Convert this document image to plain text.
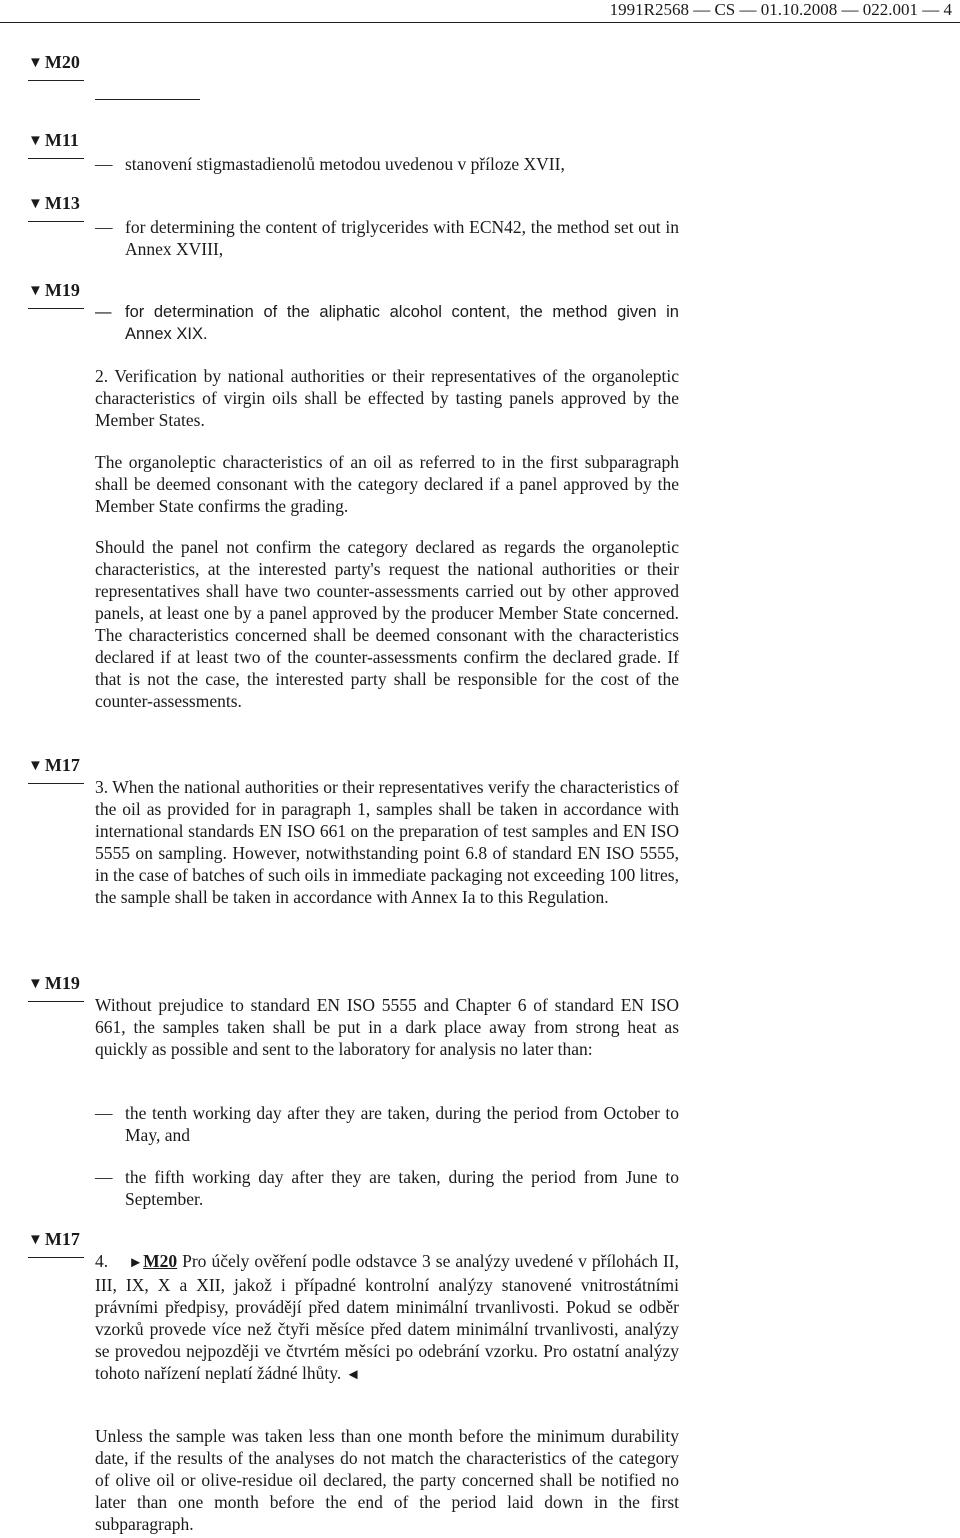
1991R2568 — CS — 01.10.2008 — 022.001 — 4
▼ M20
▼ M11
— stanovení stigmastadienolů metodou uvedenou v příloze XVII,
▼ M13
— for determining the content of triglycerides with ECN42, the method set out in Annex XVIII,
▼ M19
— for determination of the aliphatic alcohol content, the method given in Annex XIX.

2. Verification by national authorities or their representatives of the organoleptic characteristics of virgin oils shall be effected by tasting panels approved by the Member States.

The organoleptic characteristics of an oil as referred to in the first subparagraph shall be deemed consonant with the category declared if a panel approved by the Member State confirms the grading.

Should the panel not confirm the category declared as regards the organoleptic characteristics, at the interested party's request the national authorities or their representatives shall have two counter-assessments carried out by other approved panels, at least one by a panel approved by the producer Member State concerned. The characteristics concerned shall be deemed consonant with the characteristics declared if at least two of the counter-assessments confirm the declared grade. If that is not the case, the interested party shall be responsible for the cost of the counter-assessments.

▼ M17

3. When the national authorities or their representatives verify the characteristics of the oil as provided for in paragraph 1, samples shall be taken in accordance with international standards EN ISO 661 on the preparation of test samples and EN ISO 5555 on sampling. However, notwithstanding point 6.8 of standard EN ISO 5555, in the case of batches of such oils in immediate packaging not exceeding 100 litres, the sample shall be taken in accordance with Annex Ia to this Regulation.

▼ M19

Without prejudice to standard EN ISO 5555 and Chapter 6 of standard EN ISO 661, the samples taken shall be put in a dark place away from strong heat as quickly as possible and sent to the laboratory for analysis no later than:

— the tenth working day after they are taken, during the period from October to May, and
— the fifth working day after they are taken, during the period from June to September.
▼ M17

4. ►M20 Pro účely ověření podle odstavce 3 se analýzy uvedené v přílohách II, III, IX, X a XII, jakož i případné kontrolní analýzy stanovené vnitrostátními právními předpisy, provádějí před datem minimální trvanlivosti. Pokud se odběr vzorků provede více než čtyři měsíce před datem minimální trvanlivosti, analýzy se provedou nejpozději ve čtvrtém měsíci po odebrání vzorku. Pro ostatní analýzy tohoto nařízení neplatí žádné lhůty. ◄

Unless the sample was taken less than one month before the minimum durability date, if the results of the analyses do not match the characteristics of the category of olive oil or olive-residue oil declared, the party concerned shall be notified no later than one month before the end of the period laid down in the first subparagraph.
